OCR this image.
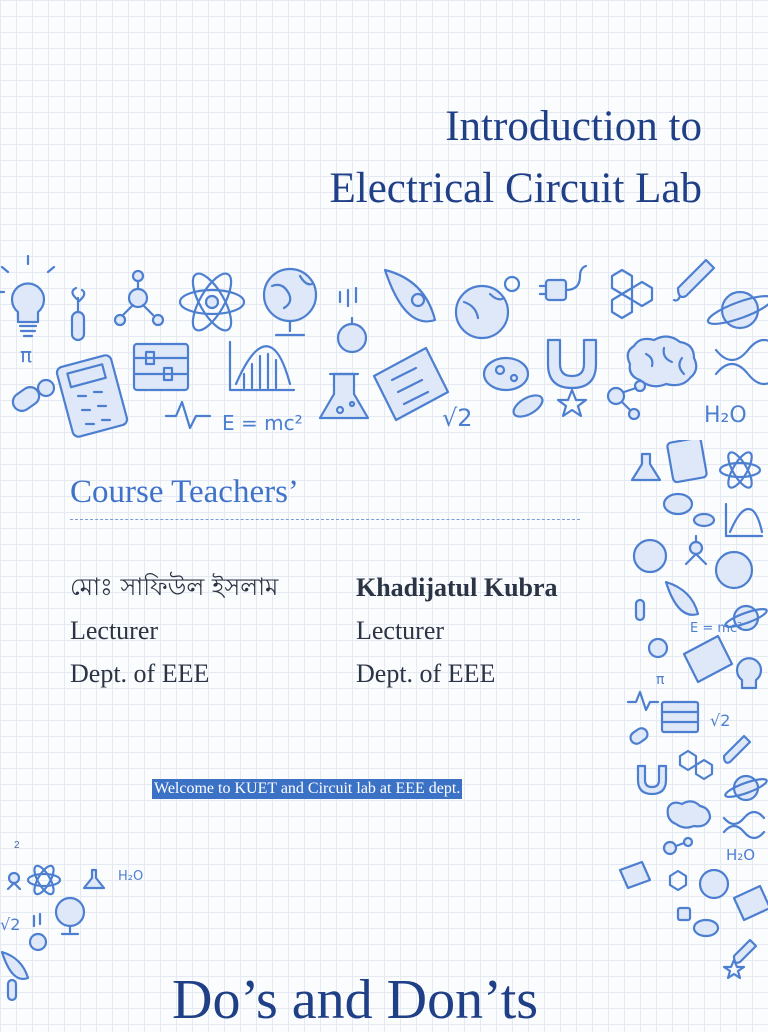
Introduction to
Electrical Circuit Lab
π
E = mc²	√2	H₂O
E = mc²
π
√2
H₂O
H₂O
√2
Course Teachers’
মোঃ সাফিউল ইসলাম
Lecturer
Dept. of EEE
Khadijatul Kubra
Lecturer
Dept. of EEE
Welcome to KUET and Circuit lab at EEE dept.
2
Do’s and Don’ts
